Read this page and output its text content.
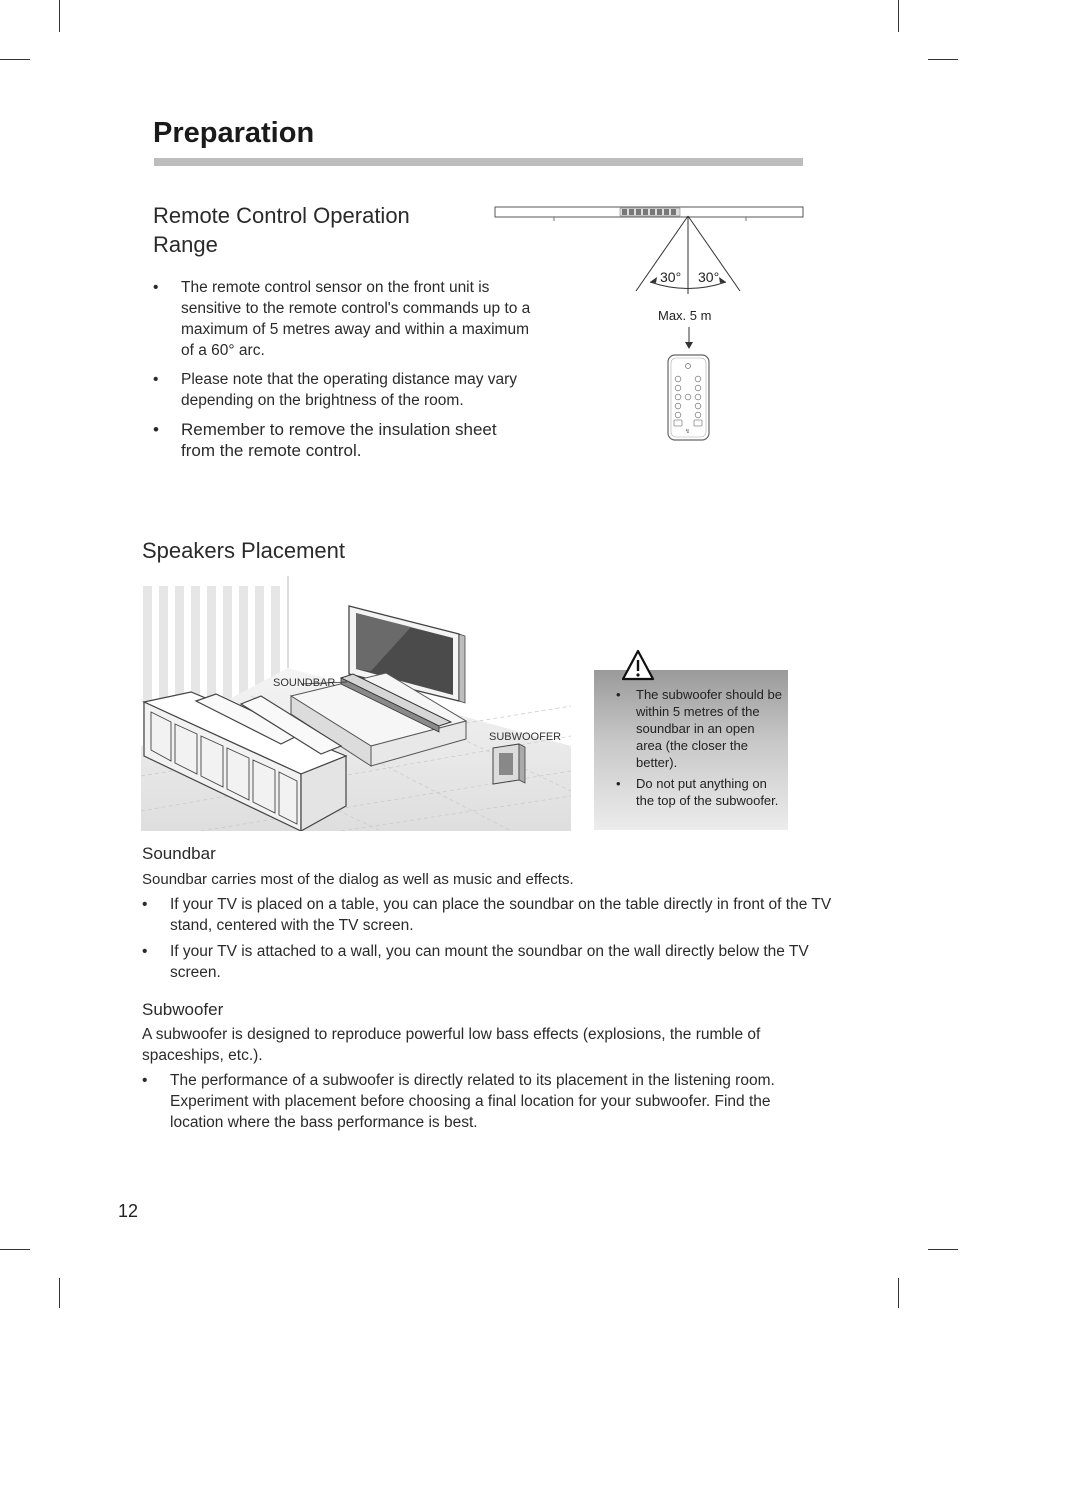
Preparation
Remote Control Operation
Range
• The remote control sensor on the front unit is sensitive to the remote control's commands up to a maximum of 5 metres away and within a maximum of a 60° arc.
• Please note that the operating distance may vary depending on the brightness of the room.
• Remember to remove the insulation sheet from the remote control.
30° 30°
Max. 5 m
↯
Speakers Placement
SOUNDBAR
SUBWOOFER
• The subwoofer should be within 5 metres of the soundbar in an open area (the closer the better).
• Do not put anything on the top of the subwoofer.
Soundbar
Soundbar carries most of the dialog as well as music and effects.
• If your TV is placed on a table, you can place the soundbar on the table directly in front of the TV stand, centered with the TV screen.
• If your TV is attached to a wall, you can mount the soundbar on the wall directly below the TV screen.
Subwoofer
A subwoofer is designed to reproduce powerful low bass effects (explosions, the rumble of spaceships, etc.).
• The performance of a subwoofer is directly related to its placement in the listening room. Experiment with placement before choosing a final location for your subwoofer. Find the location where the bass performance is best.
12
